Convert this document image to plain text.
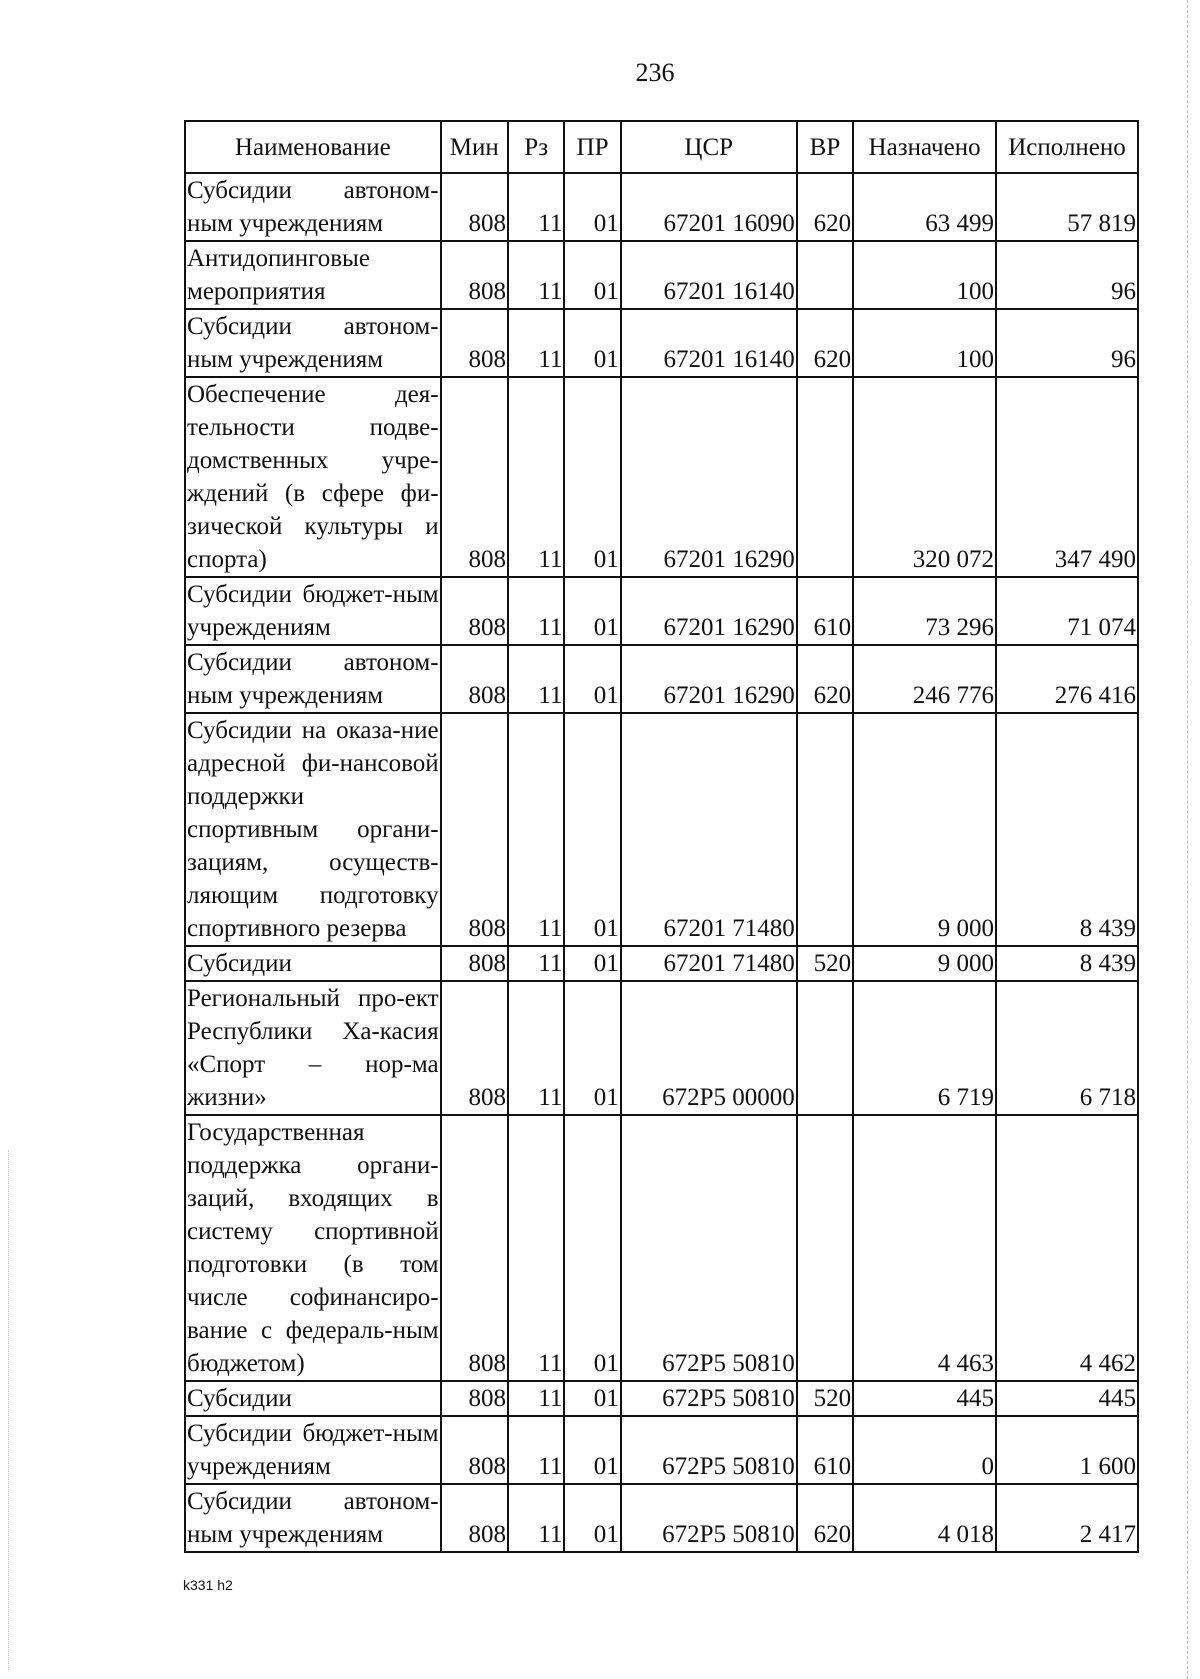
236
Наименование	Мин	Рз	ПР	ЦСР	ВР	Назначено	Исполнено
Субсидии автоном-ным учреждениям	808	11	01	67201 16090	620	63 499	57 819
Антидопинговые мероприятия	808	11	01	67201 16140		100	96
Субсидии автоном-ным учреждениям	808	11	01	67201 16140	620	100	96
Обеспечение дея-тельности подве-домственных учре-ждений (в сфере фи-зической культуры и спорта)	808	11	01	67201 16290		320 072	347 490
Субсидии бюджет-ным учреждениям	808	11	01	67201 16290	610	73 296	71 074
Субсидии автоном-ным учреждениям	808	11	01	67201 16290	620	246 776	276 416
Субсидии на оказа-ние адресной фи-нансовой поддержки спортивным органи-зациям, осуществ-ляющим подготовку спортивного резерва	808	11	01	67201 71480		9 000	8 439
Субсидии	808	11	01	67201 71480	520	9 000	8 439
Региональный про-ект Республики Ха-касия «Спорт – нор-ма жизни»	808	11	01	672P5 00000		6 719	6 718
Государственная поддержка органи-заций, входящих в систему спортивной подготовки (в том числе софинансиро-вание с федераль-ным бюджетом)	808	11	01	672P5 50810		4 463	4 462
Субсидии	808	11	01	672P5 50810	520	445	445
Субсидии бюджет-ным учреждениям	808	11	01	672P5 50810	610	0	1 600
Субсидии автоном-ным учреждениям	808	11	01	672P5 50810	620	4 018	2 417
k331 h2
